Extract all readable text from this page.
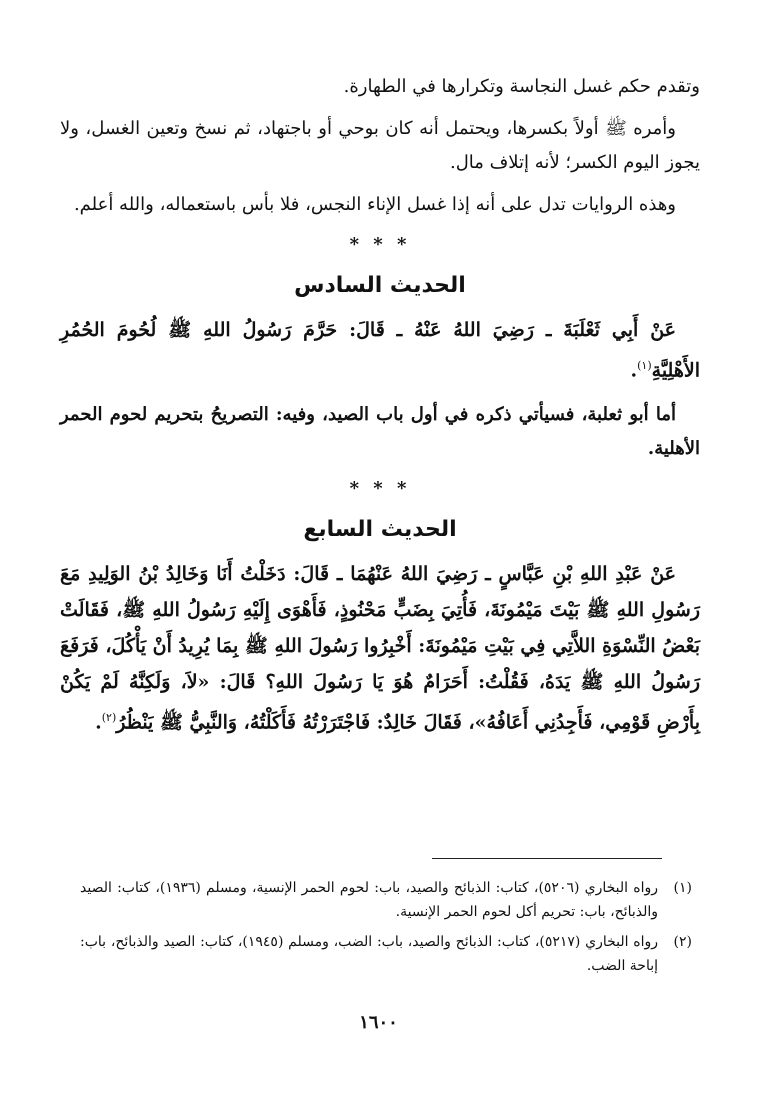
وتقدم حكم غسل النجاسة وتكرارها في الطهارة.

وأمره ﷺ أولاً بكسرها، ويحتمل أنه كان بوحي أو باجتهاد، ثم نسخ وتعين الغسل، ولا يجوز اليوم الكسر؛ لأنه إتلاف مال.

وهذه الروايات تدل على أنه إذا غسل الإناء النجس، فلا بأس باستعماله، والله أعلم.

* * *
الحديث السادس

عَنْ أَبِي ثَعْلَبَةَ ـ رَضِيَ اللهُ عَنْهُ ـ قَالَ: حَرَّمَ رَسُولُ اللهِ ﷺ لُحُومَ الحُمُرِ الأَهْلِيَّةِ$^{(١)}$.

أما أبو ثعلبة، فسيأتي ذكره في أول باب الصيد، وفيه: التصريحُ بتحريم لحوم الحمر الأهلية.

* * *
الحديث السابع

عَنْ عَبْدِ اللهِ بْنِ عَبَّاسٍ ـ رَضِيَ اللهُ عَنْهُمَا ـ قَالَ: دَخَلْتُ أَنَا وَخَالِدُ بْنُ الوَلِيدِ مَعَ رَسُولِ اللهِ ﷺ بَيْتَ مَيْمُونَةَ، فَأُتِيَ بِضَبٍّ مَحْنُوذٍ، فَأَهْوَى إِلَيْهِ رَسُولُ اللهِ ﷺ، فَقَالَتْ بَعْضُ النِّسْوَةِ اللاَّتِي فِي بَيْتِ مَيْمُونَةَ: أَخْبِرُوا رَسُولَ اللهِ ﷺ بِمَا يُرِيدُ أَنْ يَأْكُلَ، فَرَفَعَ رَسُولُ اللهِ ﷺ يَدَهُ، فَقُلْتُ: أَحَرَامٌ هُوَ يَا رَسُولَ اللهِ؟ قَالَ: «لاَ، وَلَكِنَّهُ لَمْ يَكُنْ بِأَرْضِ قَوْمِي، فَأَجِدُنِي أَعَافُهُ»، فَقَالَ خَالِدٌ: فَاجْتَرَرْتُهُ فَأَكَلْتُهُ، وَالنَّبِيُّ ﷺ يَنْظُرُ$^{(٢)}$.

(١)
رواه البخاري (٥٢٠٦)، كتاب: الذبائح والصيد، باب: لحوم الحمر الإنسية، ومسلم (١٩٣٦)، كتاب: الصيد والذبائح، باب: تحريم أكل لحوم الحمر الإنسية.
(٢)
رواه البخاري (٥٢١٧)، كتاب: الذبائح والصيد، باب: الضب، ومسلم (١٩٤٥)، كتاب: الصيد والذبائح، باب: إباحة الضب.
١٦٠٠
